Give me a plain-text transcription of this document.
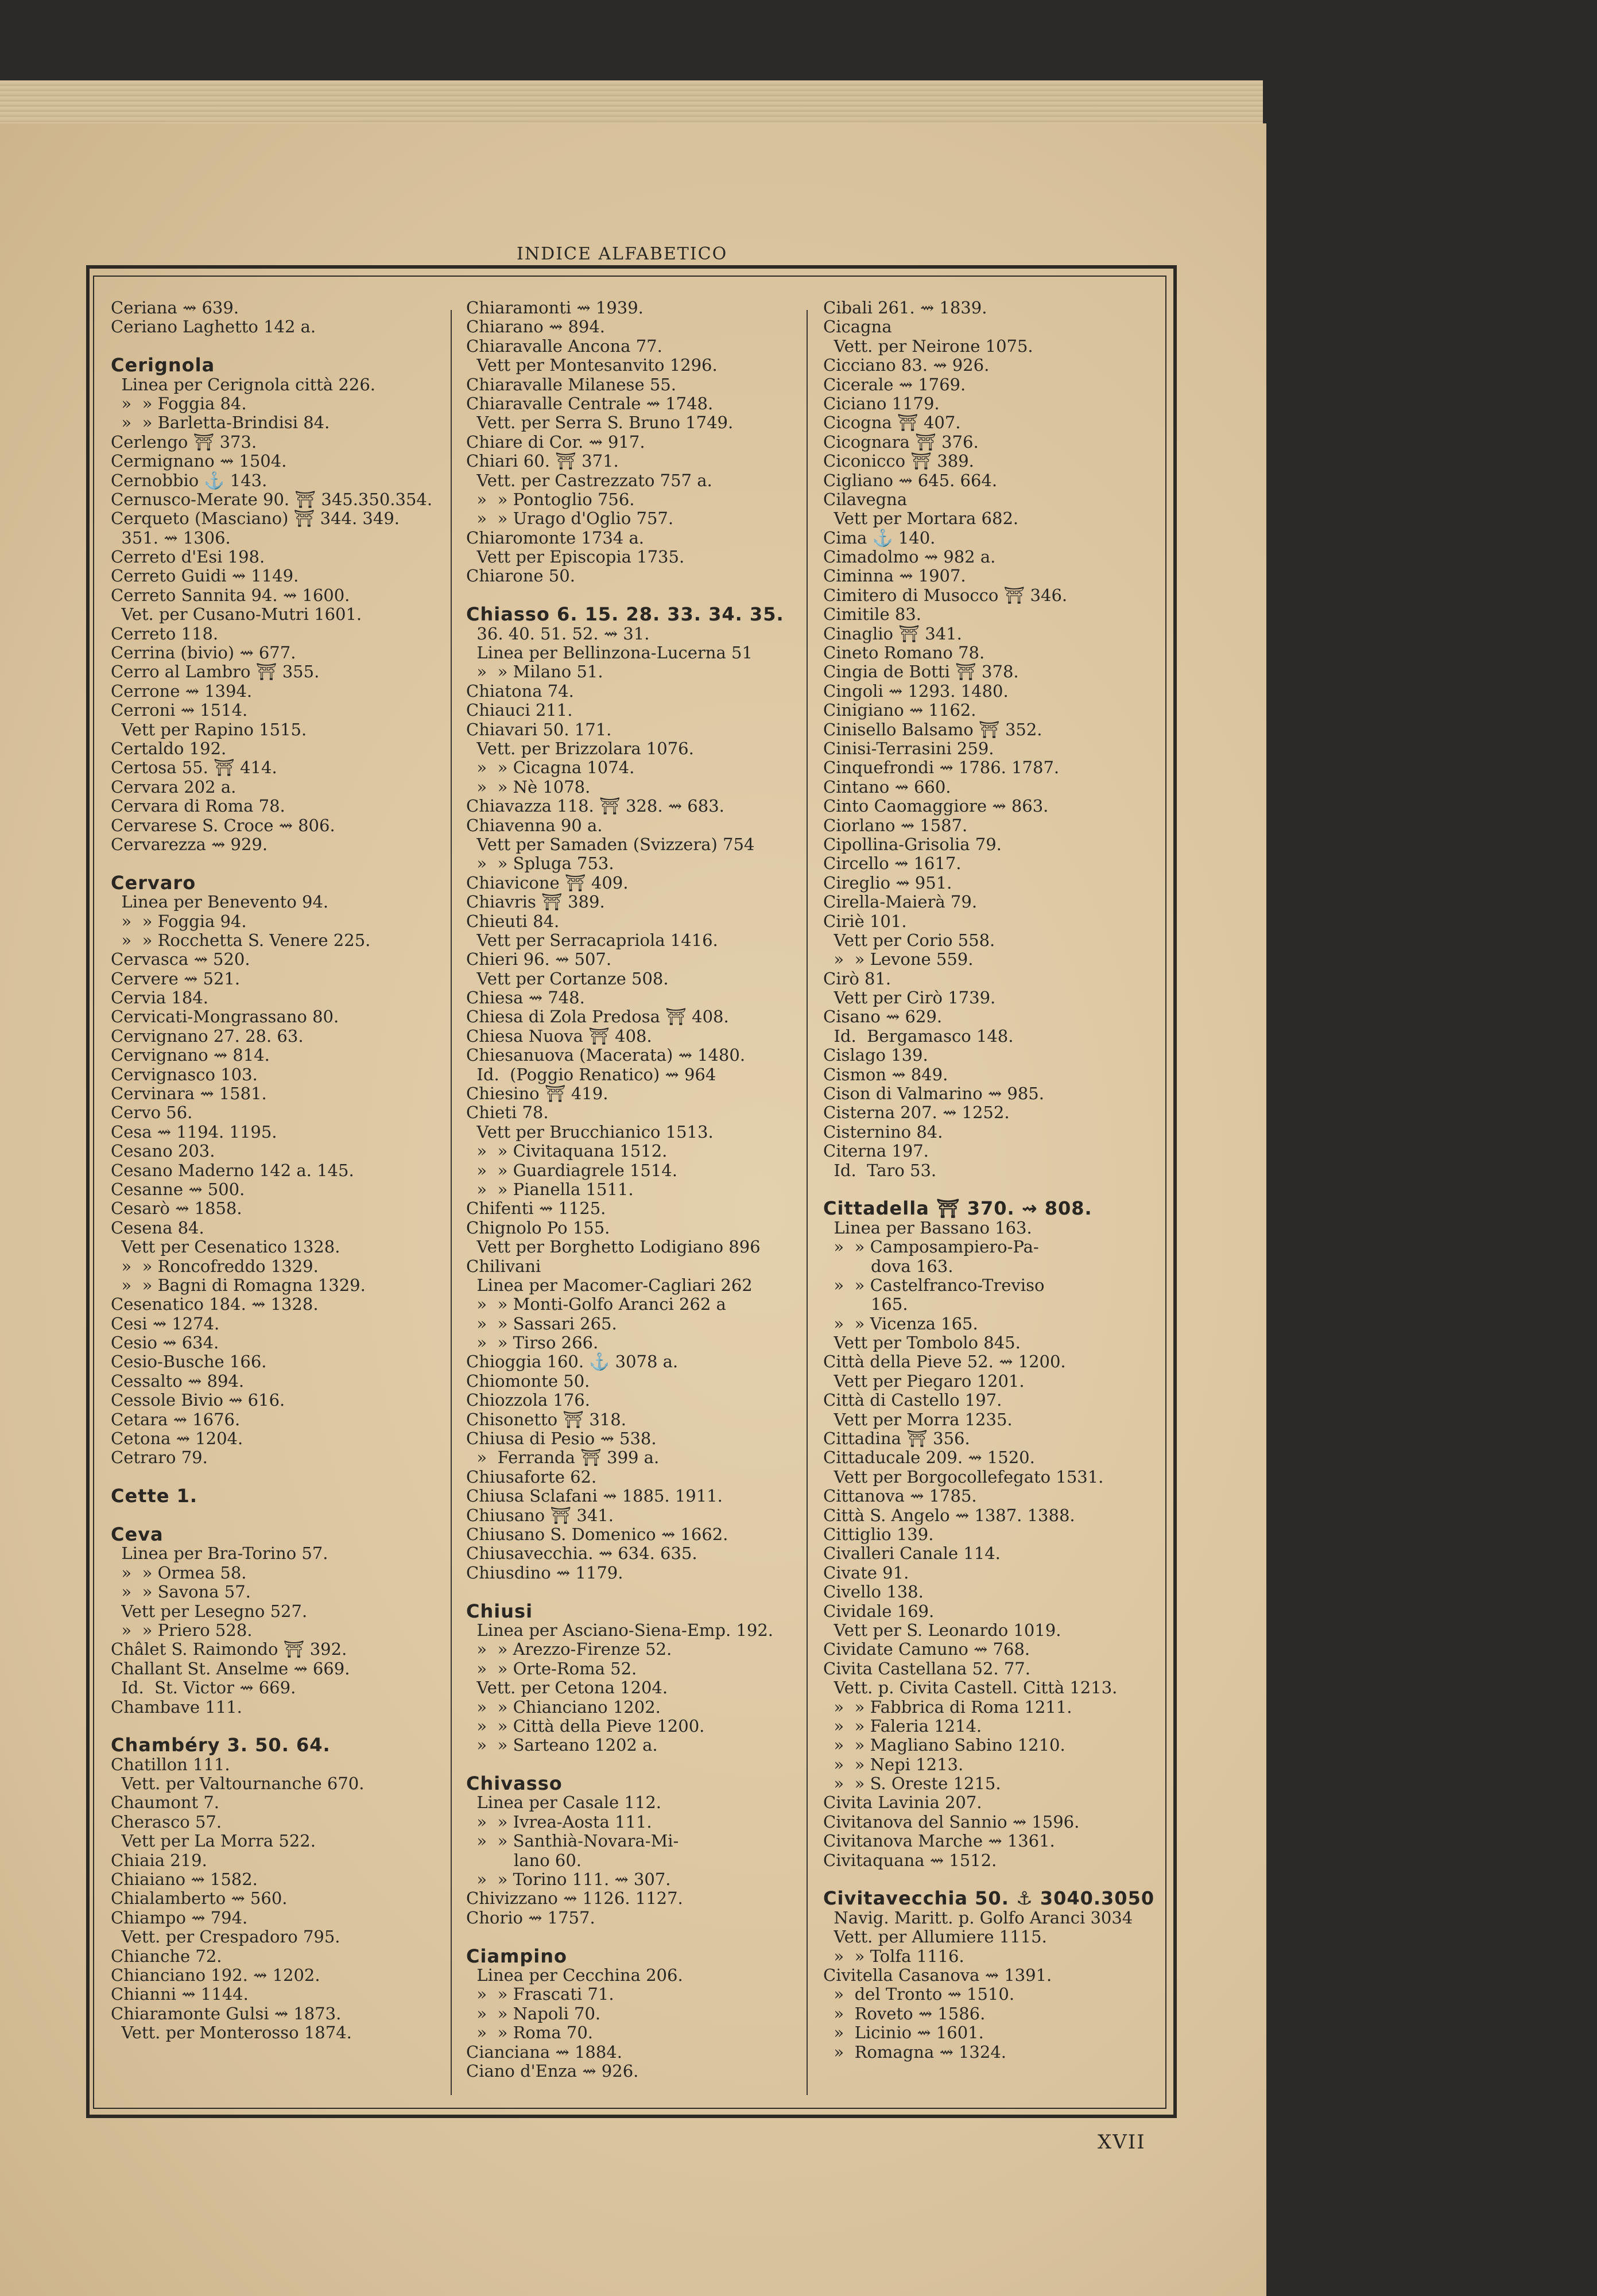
INDICE ALFABETICO
Ceriana ⇝ 639.
Ceriano Laghetto 142 a.
Cerignola
Linea per Cerignola città 226.
»  » Foggia 84.
»  » Barletta-Brindisi 84.
Cerlengo ⛩ 373.
Cermignano ⇝ 1504.
Cernobbio ⚓ 143.
Cernusco-Merate 90. ⛩ 345.350.354.
Cerqueto (Masciano) ⛩ 344. 349.
351. ⇝ 1306.
Cerreto d'Esi 198.
Cerreto Guidi ⇝ 1149.
Cerreto Sannita 94. ⇝ 1600.
Vet. per Cusano-Mutri 1601.
Cerreto 118.
Cerrina (bivio) ⇝ 677.
Cerro al Lambro ⛩ 355.
Cerrone ⇝ 1394.
Cerroni ⇝ 1514.
Vett per Rapino 1515.
Certaldo 192.
Certosa 55. ⛩ 414.
Cervara 202 a.
Cervara di Roma 78.
Cervarese S. Croce ⇝ 806.
Cervarezza ⇝ 929.
Cervaro
Linea per Benevento 94.
»  » Foggia 94.
»  » Rocchetta S. Venere 225.
Cervasca ⇝ 520.
Cervere ⇝ 521.
Cervia 184.
Cervicati-Mongrassano 80.
Cervignano 27. 28. 63.
Cervignano ⇝ 814.
Cervignasco 103.
Cervinara ⇝ 1581.
Cervo 56.
Cesa ⇝ 1194. 1195.
Cesano 203.
Cesano Maderno 142 a. 145.
Cesanne ⇝ 500.
Cesarò ⇝ 1858.
Cesena 84.
Vett per Cesenatico 1328.
»  » Roncofreddo 1329.
»  » Bagni di Romagna 1329.
Cesenatico 184. ⇝ 1328.
Cesi ⇝ 1274.
Cesio ⇝ 634.
Cesio-Busche 166.
Cessalto ⇝ 894.
Cessole Bivio ⇝ 616.
Cetara ⇝ 1676.
Cetona ⇝ 1204.
Cetraro 79.
Cette 1.
Ceva
Linea per Bra-Torino 57.
»  » Ormea 58.
»  » Savona 57.
Vett per Lesegno 527.
»  » Priero 528.
Châlet S. Raimondo ⛩ 392.
Challant St. Anselme ⇝ 669.
Id.  St. Victor ⇝ 669.
Chambave 111.
Chambéry 3. 50. 64.
Chatillon 111.
Vett. per Valtournanche 670.
Chaumont 7.
Cherasco 57.
Vett per La Morra 522.
Chiaia 219.
Chiaiano ⇝ 1582.
Chialamberto ⇝ 560.
Chiampo ⇝ 794.
Vett. per Crespadoro 795.
Chianche 72.
Chianciano 192. ⇝ 1202.
Chianni ⇝ 1144.
Chiaramonte Gulsi ⇝ 1873.
Vett. per Monterosso 1874.
Chiaramonti ⇝ 1939.
Chiarano ⇝ 894.
Chiaravalle Ancona 77.
Vett per Montesanvito 1296.
Chiaravalle Milanese 55.
Chiaravalle Centrale ⇝ 1748.
Vett. per Serra S. Bruno 1749.
Chiare di Cor. ⇝ 917.
Chiari 60. ⛩ 371.
Vett. per Castrezzato 757 a.
»  » Pontoglio 756.
»  » Urago d'Oglio 757.
Chiaromonte 1734 a.
Vett per Episcopia 1735.
Chiarone 50.
Chiasso 6. 15. 28. 33. 34. 35.
36. 40. 51. 52. ⇝ 31.
Linea per Bellinzona-Lucerna 51
»  » Milano 51.
Chiatona 74.
Chiauci 211.
Chiavari 50. 171.
Vett. per Brizzolara 1076.
»  » Cicagna 1074.
»  » Nè 1078.
Chiavazza 118. ⛩ 328. ⇝ 683.
Chiavenna 90 a.
Vett per Samaden (Svizzera) 754
»  » Spluga 753.
Chiavicone ⛩ 409.
Chiavris ⛩ 389.
Chieuti 84.
Vett per Serracapriola 1416.
Chieri 96. ⇝ 507.
Vett per Cortanze 508.
Chiesa ⇝ 748.
Chiesa di Zola Predosa ⛩ 408.
Chiesa Nuova ⛩ 408.
Chiesanuova (Macerata) ⇝ 1480.
Id.  (Poggio Renatico) ⇝ 964
Chiesino ⛩ 419.
Chieti 78.
Vett per Brucchianico 1513.
»  » Civitaquana 1512.
»  » Guardiagrele 1514.
»  » Pianella 1511.
Chifenti ⇝ 1125.
Chignolo Po 155.
Vett per Borghetto Lodigiano 896
Chilivani
Linea per Macomer-Cagliari 262
»  » Monti-Golfo Aranci 262 a
»  » Sassari 265.
»  » Tirso 266.
Chioggia 160. ⚓ 3078 a.
Chiomonte 50.
Chiozzola 176.
Chisonetto ⛩ 318.
Chiusa di Pesio ⇝ 538.
»  Ferranda ⛩ 399 a.
Chiusaforte 62.
Chiusa Sclafani ⇝ 1885. 1911.
Chiusano ⛩ 341.
Chiusano S. Domenico ⇝ 1662.
Chiusavecchia. ⇝ 634. 635.
Chiusdino ⇝ 1179.
Chiusi
Linea per Asciano-Siena-Emp. 192.
»  » Arezzo-Firenze 52.
»  » Orte-Roma 52.
Vett. per Cetona 1204.
»  » Chianciano 1202.
»  » Città della Pieve 1200.
»  » Sarteano 1202 a.
Chivasso
Linea per Casale 112.
»  » Ivrea-Aosta 111.
»  » Santhià-Novara-Mi-
lano 60.
»  » Torino 111. ⇝ 307.
Chivizzano ⇝ 1126. 1127.
Chorio ⇝ 1757.
Ciampino
Linea per Cecchina 206.
»  » Frascati 71.
»  » Napoli 70.
»  » Roma 70.
Cianciana ⇝ 1884.
Ciano d'Enza ⇝ 926.
Cibali 261. ⇝ 1839.
Cicagna
Vett. per Neirone 1075.
Cicciano 83. ⇝ 926.
Cicerale ⇝ 1769.
Ciciano 1179.
Cicogna ⛩ 407.
Cicognara ⛩ 376.
Ciconicco ⛩ 389.
Cigliano ⇝ 645. 664.
Cilavegna
Vett per Mortara 682.
Cima ⚓ 140.
Cimadolmo ⇝ 982 a.
Ciminna ⇝ 1907.
Cimitero di Musocco ⛩ 346.
Cimitile 83.
Cinaglio ⛩ 341.
Cineto Romano 78.
Cingia de Botti ⛩ 378.
Cingoli ⇝ 1293. 1480.
Cinigiano ⇝ 1162.
Cinisello Balsamo ⛩ 352.
Cinisi-Terrasini 259.
Cinquefrondi ⇝ 1786. 1787.
Cintano ⇝ 660.
Cinto Caomaggiore ⇝ 863.
Ciorlano ⇝ 1587.
Cipollina-Grisolia 79.
Circello ⇝ 1617.
Cireglio ⇝ 951.
Cirella-Maierà 79.
Ciriè 101.
Vett per Corio 558.
»  » Levone 559.
Cirò 81.
Vett per Cirò 1739.
Cisano ⇝ 629.
Id.  Bergamasco 148.
Cislago 139.
Cismon ⇝ 849.
Cison di Valmarino ⇝ 985.
Cisterna 207. ⇝ 1252.
Cisternino 84.
Citerna 197.
Id.  Taro 53.
Cittadella ⛩ 370. ⇝ 808.
Linea per Bassano 163.
»  » Camposampiero-Pa-
dova 163.
»  » Castelfranco-Treviso
165.
»  » Vicenza 165.
Vett per Tombolo 845.
Città della Pieve 52. ⇝ 1200.
Vett per Piegaro 1201.
Città di Castello 197.
Vett per Morra 1235.
Cittadina ⛩ 356.
Cittaducale 209. ⇝ 1520.
Vett per Borgocollefegato 1531.
Cittanova ⇝ 1785.
Città S. Angelo ⇝ 1387. 1388.
Cittiglio 139.
Civalleri Canale 114.
Civate 91.
Civello 138.
Cividale 169.
Vett per S. Leonardo 1019.
Cividate Camuno ⇝ 768.
Civita Castellana 52. 77.
Vett. p. Civita Castell. Città 1213.
»  » Fabbrica di Roma 1211.
»  » Faleria 1214.
»  » Magliano Sabino 1210.
»  » Nepi 1213.
»  » S. Oreste 1215.
Civita Lavinia 207.
Civitanova del Sannio ⇝ 1596.
Civitanova Marche ⇝ 1361.
Civitaquana ⇝ 1512.
Civitavecchia 50. ⚓ 3040.3050
Navig. Maritt. p. Golfo Aranci 3034
Vett. per Allumiere 1115.
»  » Tolfa 1116.
Civitella Casanova ⇝ 1391.
»  del Tronto ⇝ 1510.
»  Roveto ⇝ 1586.
»  Licinio ⇝ 1601.
»  Romagna ⇝ 1324.
XVII
